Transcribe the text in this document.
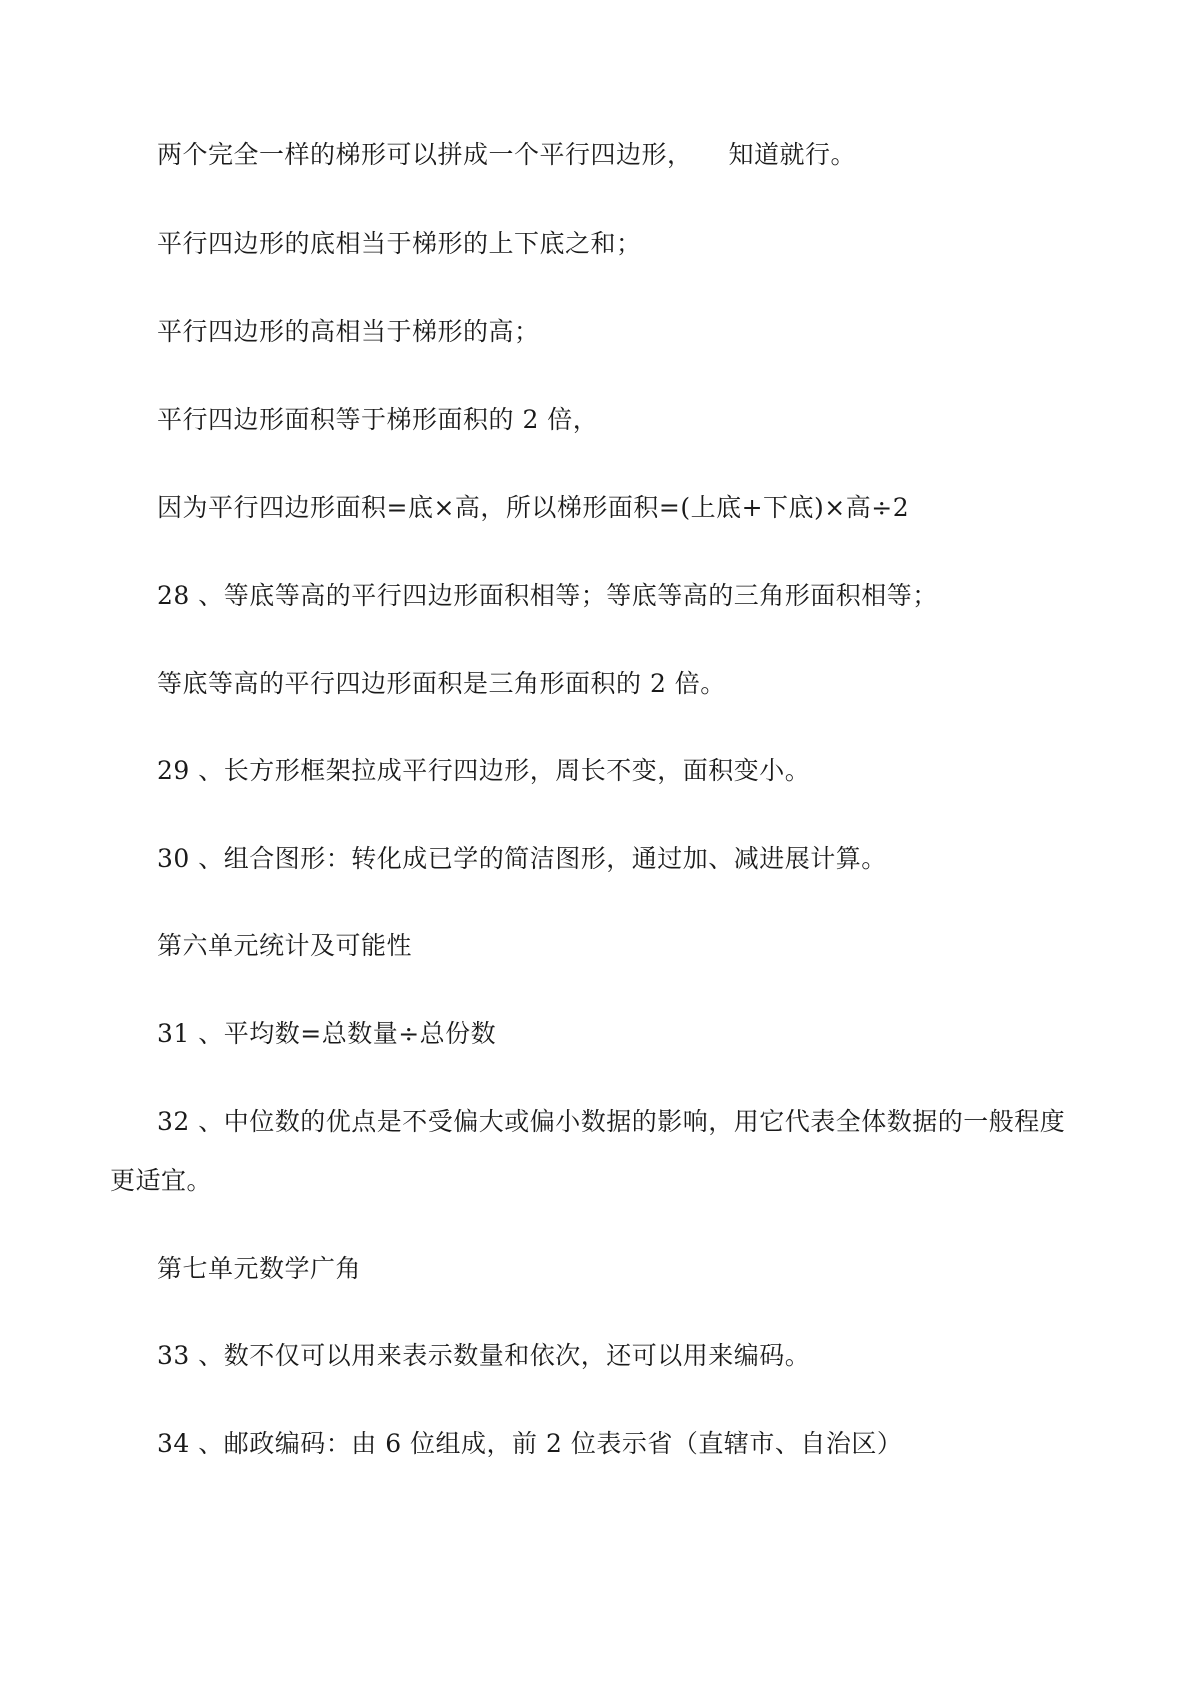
两个完全一样的梯形可以拼成一个平行四边形， 知道就行。
平行四边形的底相当于梯形的上下底之和；
平行四边形的高相当于梯形的高；
平行四边形面积等于梯形面积的 2 倍，
因为平行四边形面积=底×高，所以梯形面积=(上底+下底)×高÷2
28 、等底等高的平行四边形面积相等；等底等高的三角形面积相等；
等底等高的平行四边形面积是三角形面积的 2 倍。
29 、长方形框架拉成平行四边形，周长不变，面积变小。
30 、组合图形：转化成已学的简洁图形，通过加、减进展计算。
第六单元统计及可能性
31 、平均数=总数量÷总份数
32 、中位数的优点是不受偏大或偏小数据的影响，用它代表全体数据的一般程度
更适宜。
第七单元数学广角
33 、数不仅可以用来表示数量和依次，还可以用来编码。
34 、邮政编码：由 6 位组成，前 2 位表示省（直辖市、自治区）
